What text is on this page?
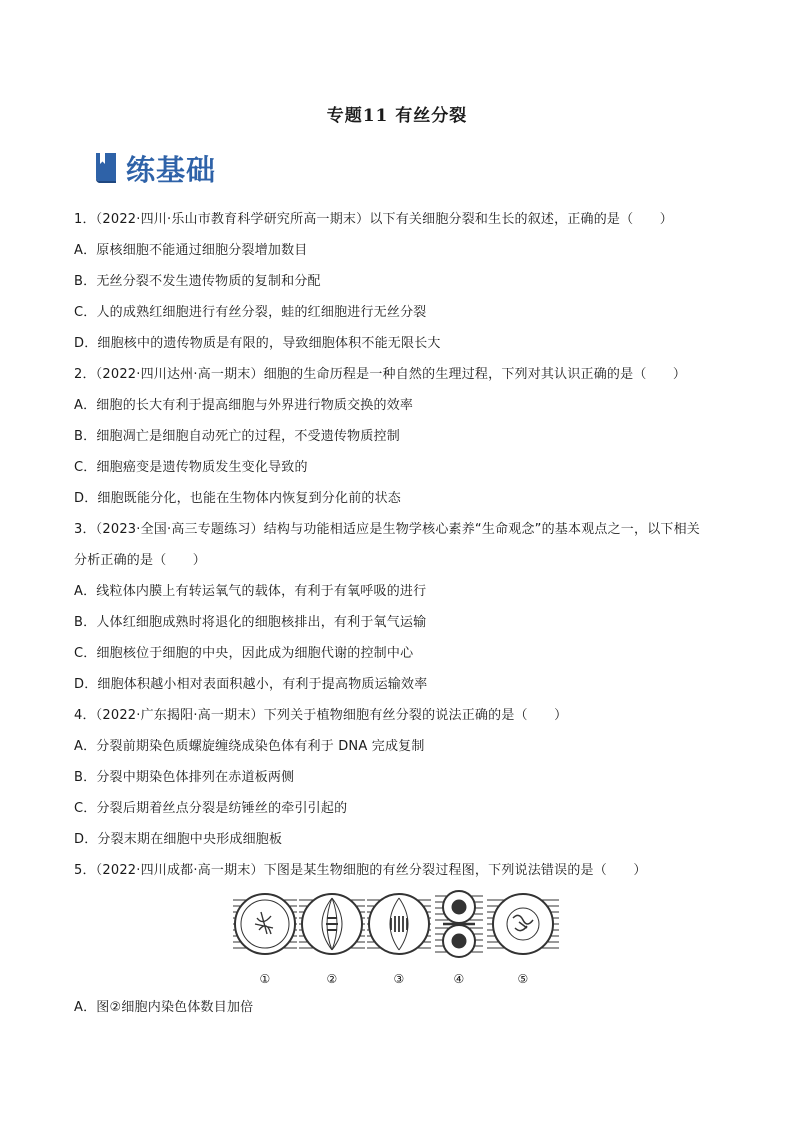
专题11 有丝分裂
练基础
1．（2022·四川·乐山市教育科学研究所高一期末）以下有关细胞分裂和生长的叙述，正确的是（　　）
A．原核细胞不能通过细胞分裂增加数目
B．无丝分裂不发生遗传物质的复制和分配
C．人的成熟红细胞进行有丝分裂，蛙的红细胞进行无丝分裂
D．细胞核中的遗传物质是有限的，导致细胞体积不能无限长大
2．（2022·四川达州·高一期末）细胞的生命历程是一种自然的生理过程，下列对其认识正确的是（　　）
A．细胞的长大有利于提高细胞与外界进行物质交换的效率
B．细胞凋亡是细胞自动死亡的过程，不受遗传物质控制
C．细胞癌变是遗传物质发生变化导致的
D．细胞既能分化，也能在生物体内恢复到分化前的状态
3．（2023·全国·高三专题练习）结构与功能相适应是生物学核心素养“生命观念”的基本观点之一，以下相关
分析正确的是（　　）
A．线粒体内膜上有转运氧气的载体，有利于有氧呼吸的进行
B．人体红细胞成熟时将退化的细胞核排出，有利于氧气运输
C．细胞核位于细胞的中央，因此成为细胞代谢的控制中心
D．细胞体积越小相对表面积越小，有利于提高物质运输效率
4．（2022·广东揭阳·高一期末）下列关于植物细胞有丝分裂的说法正确的是（　　）
A．分裂前期染色质螺旋缠绕成染色体有利于 DNA 完成复制
B．分裂中期染色体排列在赤道板两侧
C．分裂后期着丝点分裂是纺锤丝的牵引引起的
D．分裂末期在细胞中央形成细胞板
5．（2022·四川成都·高一期末）下图是某生物细胞的有丝分裂过程图，下列说法错误的是（　　）
①	②	③	④	⑤
A．图②细胞内染色体数目加倍
